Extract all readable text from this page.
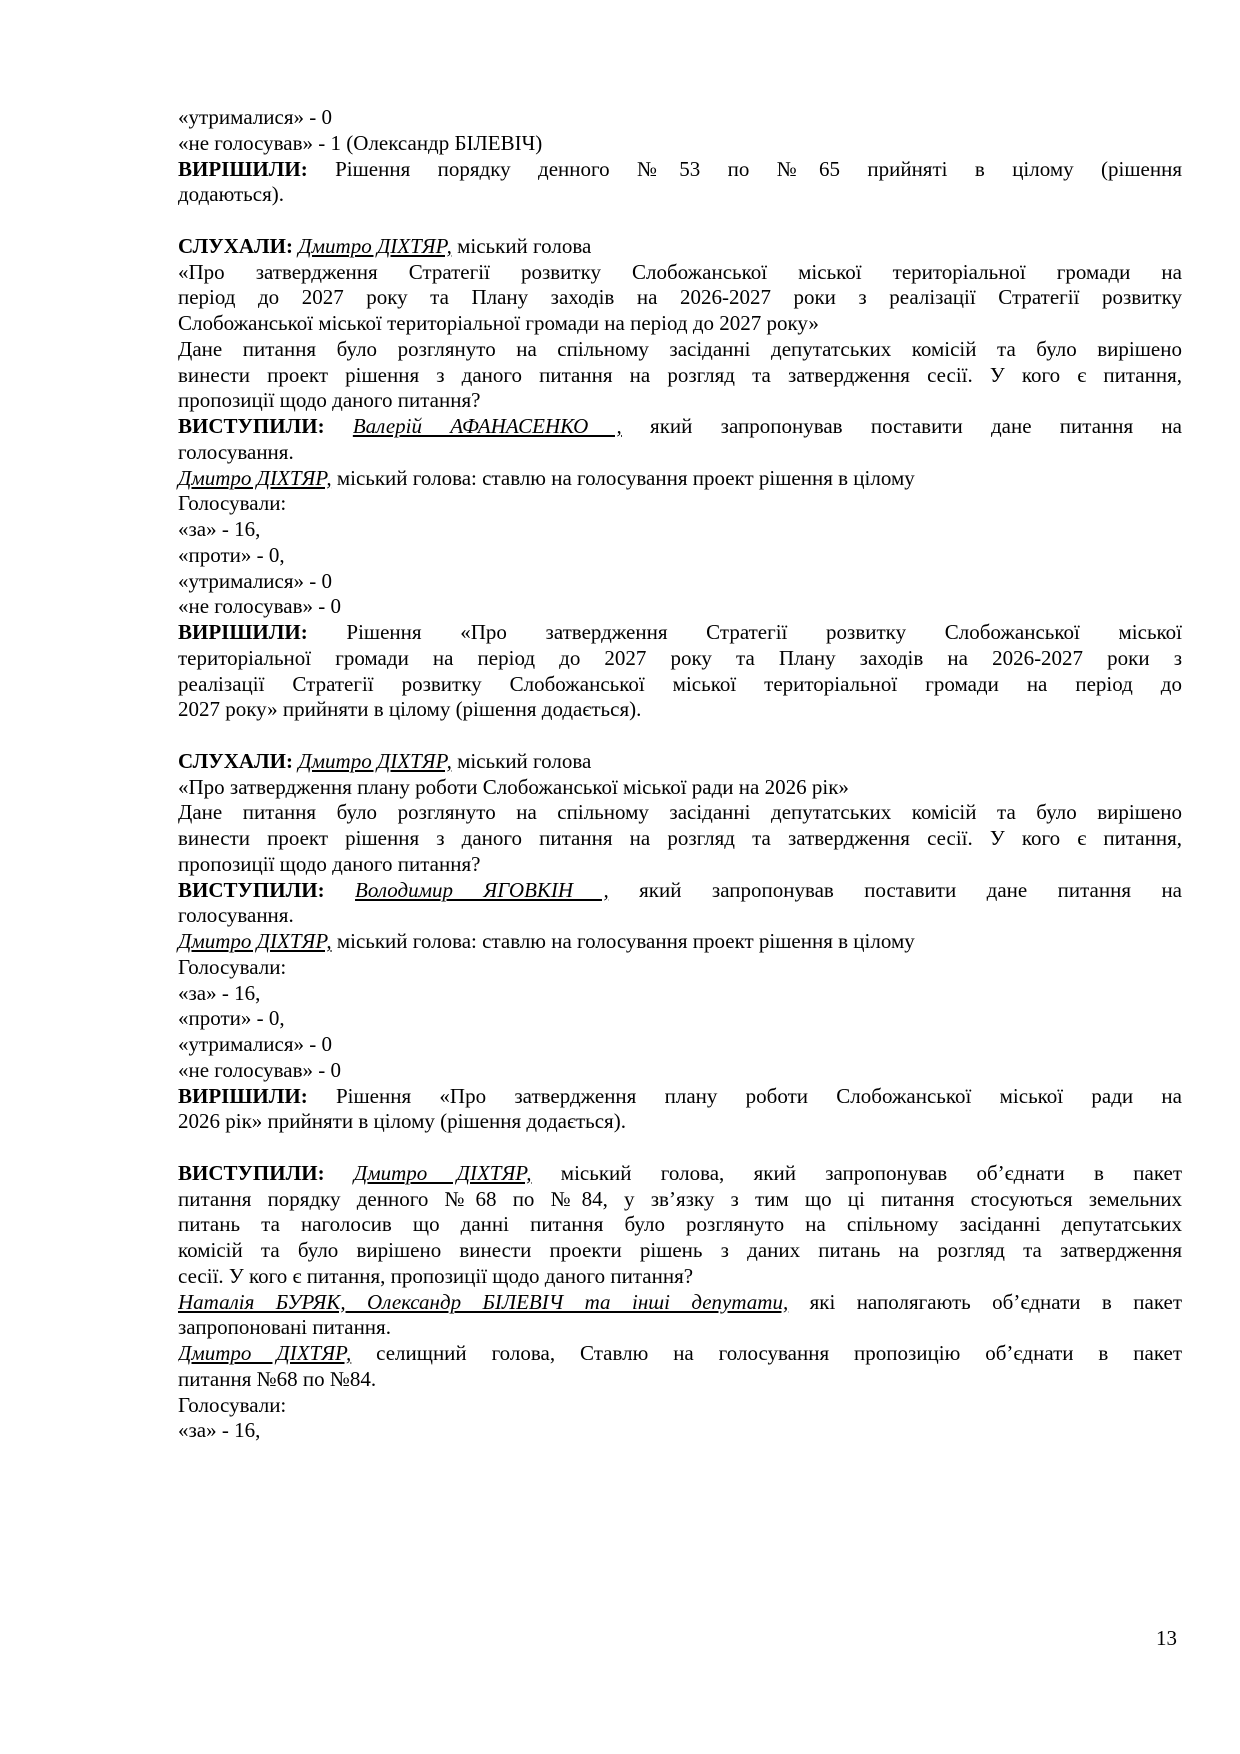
«утрималися» - 0
«не голосував» - 1 (Олександр БІЛЕВІЧ)
ВИРІШИЛИ: Рішення порядку денного №53 по №65 прийняті в цілому (рішення
додаються).
СЛУХАЛИ: Дмитро ДІХТЯР, міський голова
«Про затвердження Стратегії розвитку Слобожанської міської територіальної громади на
період до 2027 року та Плану заходів на 2026-2027 роки з реалізації Стратегії розвитку
Слобожанської міської територіальної громади на період до 2027 року»
Дане питання було розглянуто на спільному засіданні депутатських комісій та було вирішено
винести проект рішення з даного питання на розгляд та затвердження сесії. У кого є питання,
пропозиції щодо даного питання?
ВИСТУПИЛИ: Валерій АФАНАСЕНКО , який запропонував поставити дане питання на
голосування.
Дмитро ДІХТЯР, міський голова: ставлю на голосування проект рішення в цілому
Голосували:
«за» - 16,
«проти» - 0,
«утрималися» - 0
«не голосував» - 0
ВИРІШИЛИ: Рішення «Про затвердження Стратегії розвитку Слобожанської міської
територіальної громади на період до 2027 року та Плану заходів на 2026-2027 роки з
реалізації Стратегії розвитку Слобожанської міської територіальної громади на період до
2027 року» прийняти в цілому (рішення додається).
СЛУХАЛИ: Дмитро ДІХТЯР, міський голова
«Про затвердження плану роботи Слобожанської міської ради на 2026 рік»
Дане питання було розглянуто на спільному засіданні депутатських комісій та було вирішено
винести проект рішення з даного питання на розгляд та затвердження сесії. У кого є питання,
пропозиції щодо даного питання?
ВИСТУПИЛИ: Володимир ЯГОВКІН , який запропонував поставити дане питання на
голосування.
Дмитро ДІХТЯР, міський голова: ставлю на голосування проект рішення в цілому
Голосували:
«за» - 16,
«проти» - 0,
«утрималися» - 0
«не голосував» - 0
ВИРІШИЛИ: Рішення «Про затвердження плану роботи Слобожанської міської ради на
2026 рік» прийняти в цілому (рішення додається).
ВИСТУПИЛИ: Дмитро ДІХТЯР, міський голова, який запропонував об’єднати в пакет
питання порядку денного №68 по №84, у зв’язку з тим що ці питання стосуються земельних
питань та наголосив що данні питання було розглянуто на спільному засіданні депутатських
комісій та було вирішено винести проекти рішень з даних питань на розгляд та затвердження
сесії. У кого є питання, пропозиції щодо даного питання?
Наталія БУРЯК, Олександр БІЛЕВІЧ та інші депутати, які наполягають об’єднати в пакет
запропоновані питання.
Дмитро ДІХТЯР, селищний голова, Ставлю на голосування пропозицію об’єднати в пакет
питання №68 по №84.
Голосували:
«за» - 16,
13
